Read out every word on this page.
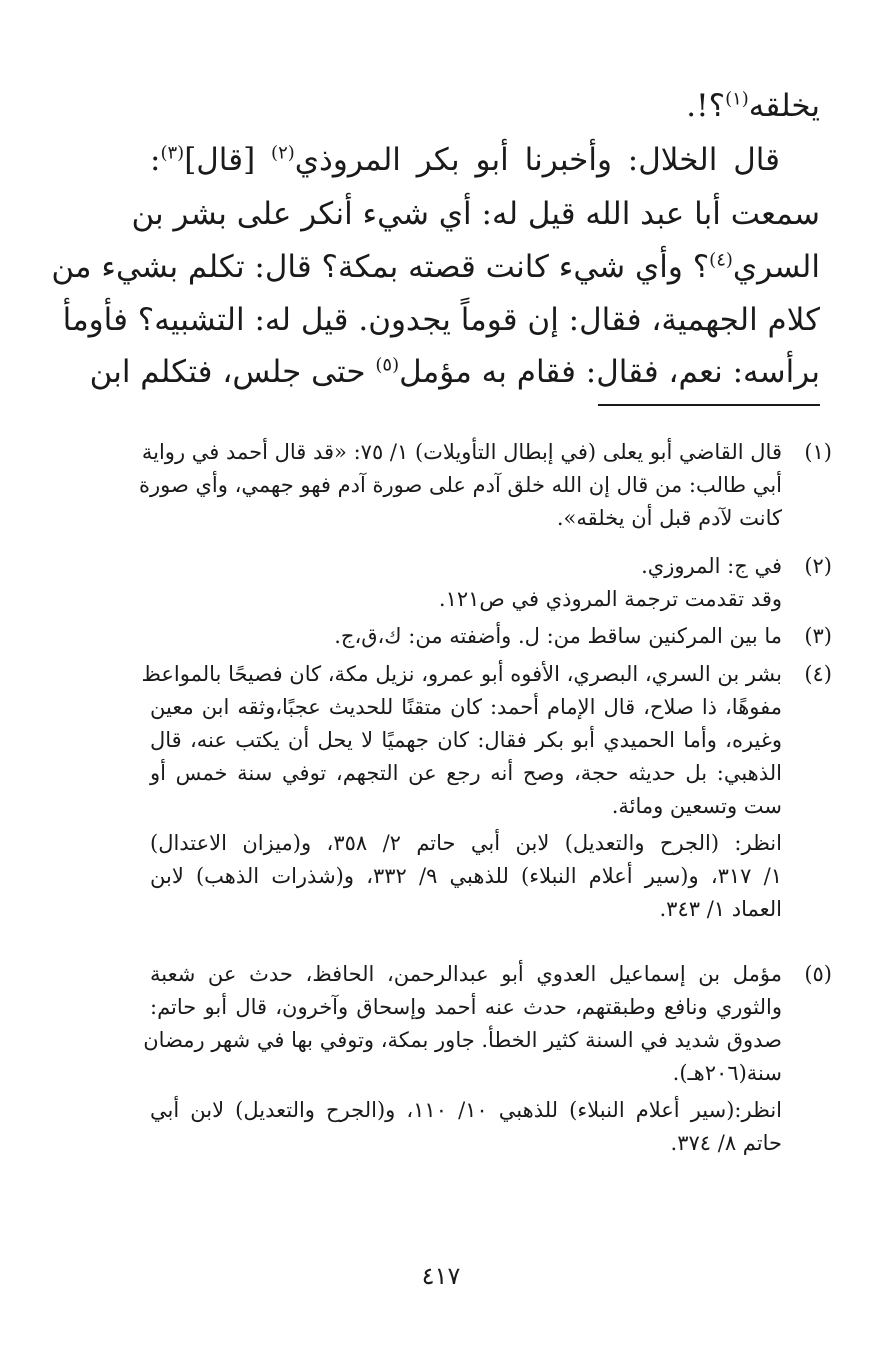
يخلقه$^{(١)}$؟!.

قال الخلال: وأخبرنا أبو بكر المروذي$^{(٢)}$ [قال]$^{(٣)}$:

سمعت أبا عبد الله قيل له: أي شيء أنكر على بشر بن

السري$^{(٤)}$؟ وأي شيء كانت قصته بمكة؟ قال: تكلم بشيء من

كلام الجهمية، فقال: إن قوماً يجدون. قيل له: التشبيه؟ فأومأ

برأسه: نعم، فقال: فقام به مؤمل$^{(٥)}$ حتى جلس، فتكلم ابن

(١)
قال القاضي أبو يعلى (في إبطال التأويلات) ١/ ٧٥: «قد قال أحمد في رواية
أبي طالب: من قال إن الله خلق آدم على صورة آدم فهو جهمي، وأي صورة
كانت لآدم قبل أن يخلقه».
(٢)
في ج: المروزي.
وقد تقدمت ترجمة المروذي في ص١٢١.
(٣)
ما بين المركنين ساقط من: ل. وأضفته من: ك،ق،ج.
(٤)
بشر بن السري، البصري، الأفوه أبو عمرو، نزيل مكة، كان فصيحًا بالمواعظ
مفوهًا، ذا صلاح، قال الإمام أحمد: كان متقنًا للحديث عجبًا،وثقه ابن معين
وغيره، وأما الحميدي أبو بكر فقال: كان جهميًا لا يحل أن يكتب عنه، قال
الذهبي: بل حديثه حجة، وصح أنه رجع عن التجهم، توفي سنة خمس أو
ست وتسعين ومائة.
انظر: (الجرح والتعديل) لابن أبي حاتم ٢/ ٣٥٨، و(ميزان الاعتدال)
١/ ٣١٧، و(سير أعلام النبلاء) للذهبي ٩/ ٣٣٢، و(شذرات الذهب) لابن
العماد ١/ ٣٤٣.
(٥)
مؤمل بن إسماعيل العدوي أبو عبدالرحمن، الحافظ، حدث عن شعبة
والثوري ونافع وطبقتهم، حدث عنه أحمد وإسحاق وآخرون، قال أبو حاتم:
صدوق شديد في السنة كثير الخطأ. جاور بمكة، وتوفي بها في شهر رمضان
سنة(٢٠٦هـ).
انظر:(سير أعلام النبلاء) للذهبي ١٠/ ١١٠، و(الجرح والتعديل) لابن أبي
حاتم ٨/ ٣٧٤.
٤١٧
